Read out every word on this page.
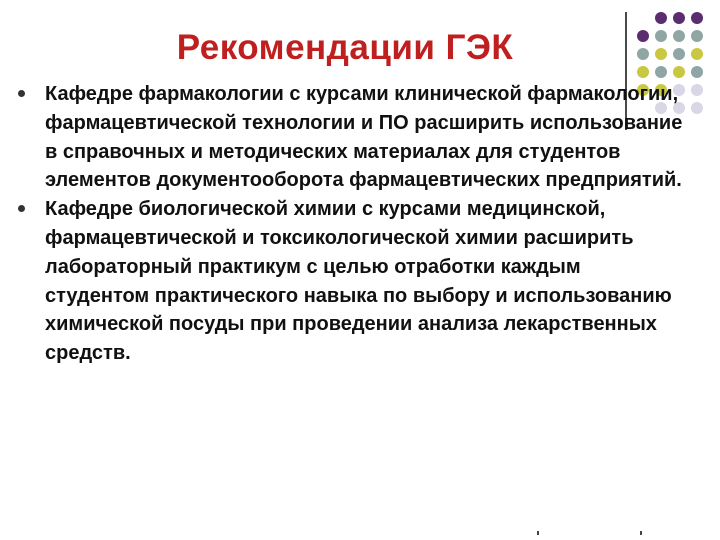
Рекомендации ГЭК
Кафедре фармакологии с курсами клинической фармакологии, фармацевтической технологии и ПО расширить использование в справочных и методических материалах для студентов элементов документооборота фармацевтических предприятий.
Кафедре биологической химии с курсами медицинской, фармацевтической и токсикологической химии расширить лабораторный практикум с целью отработки каждым студентом практического навыка по выбору и использованию химической посуды при проведении анализа лекарственных средств.
